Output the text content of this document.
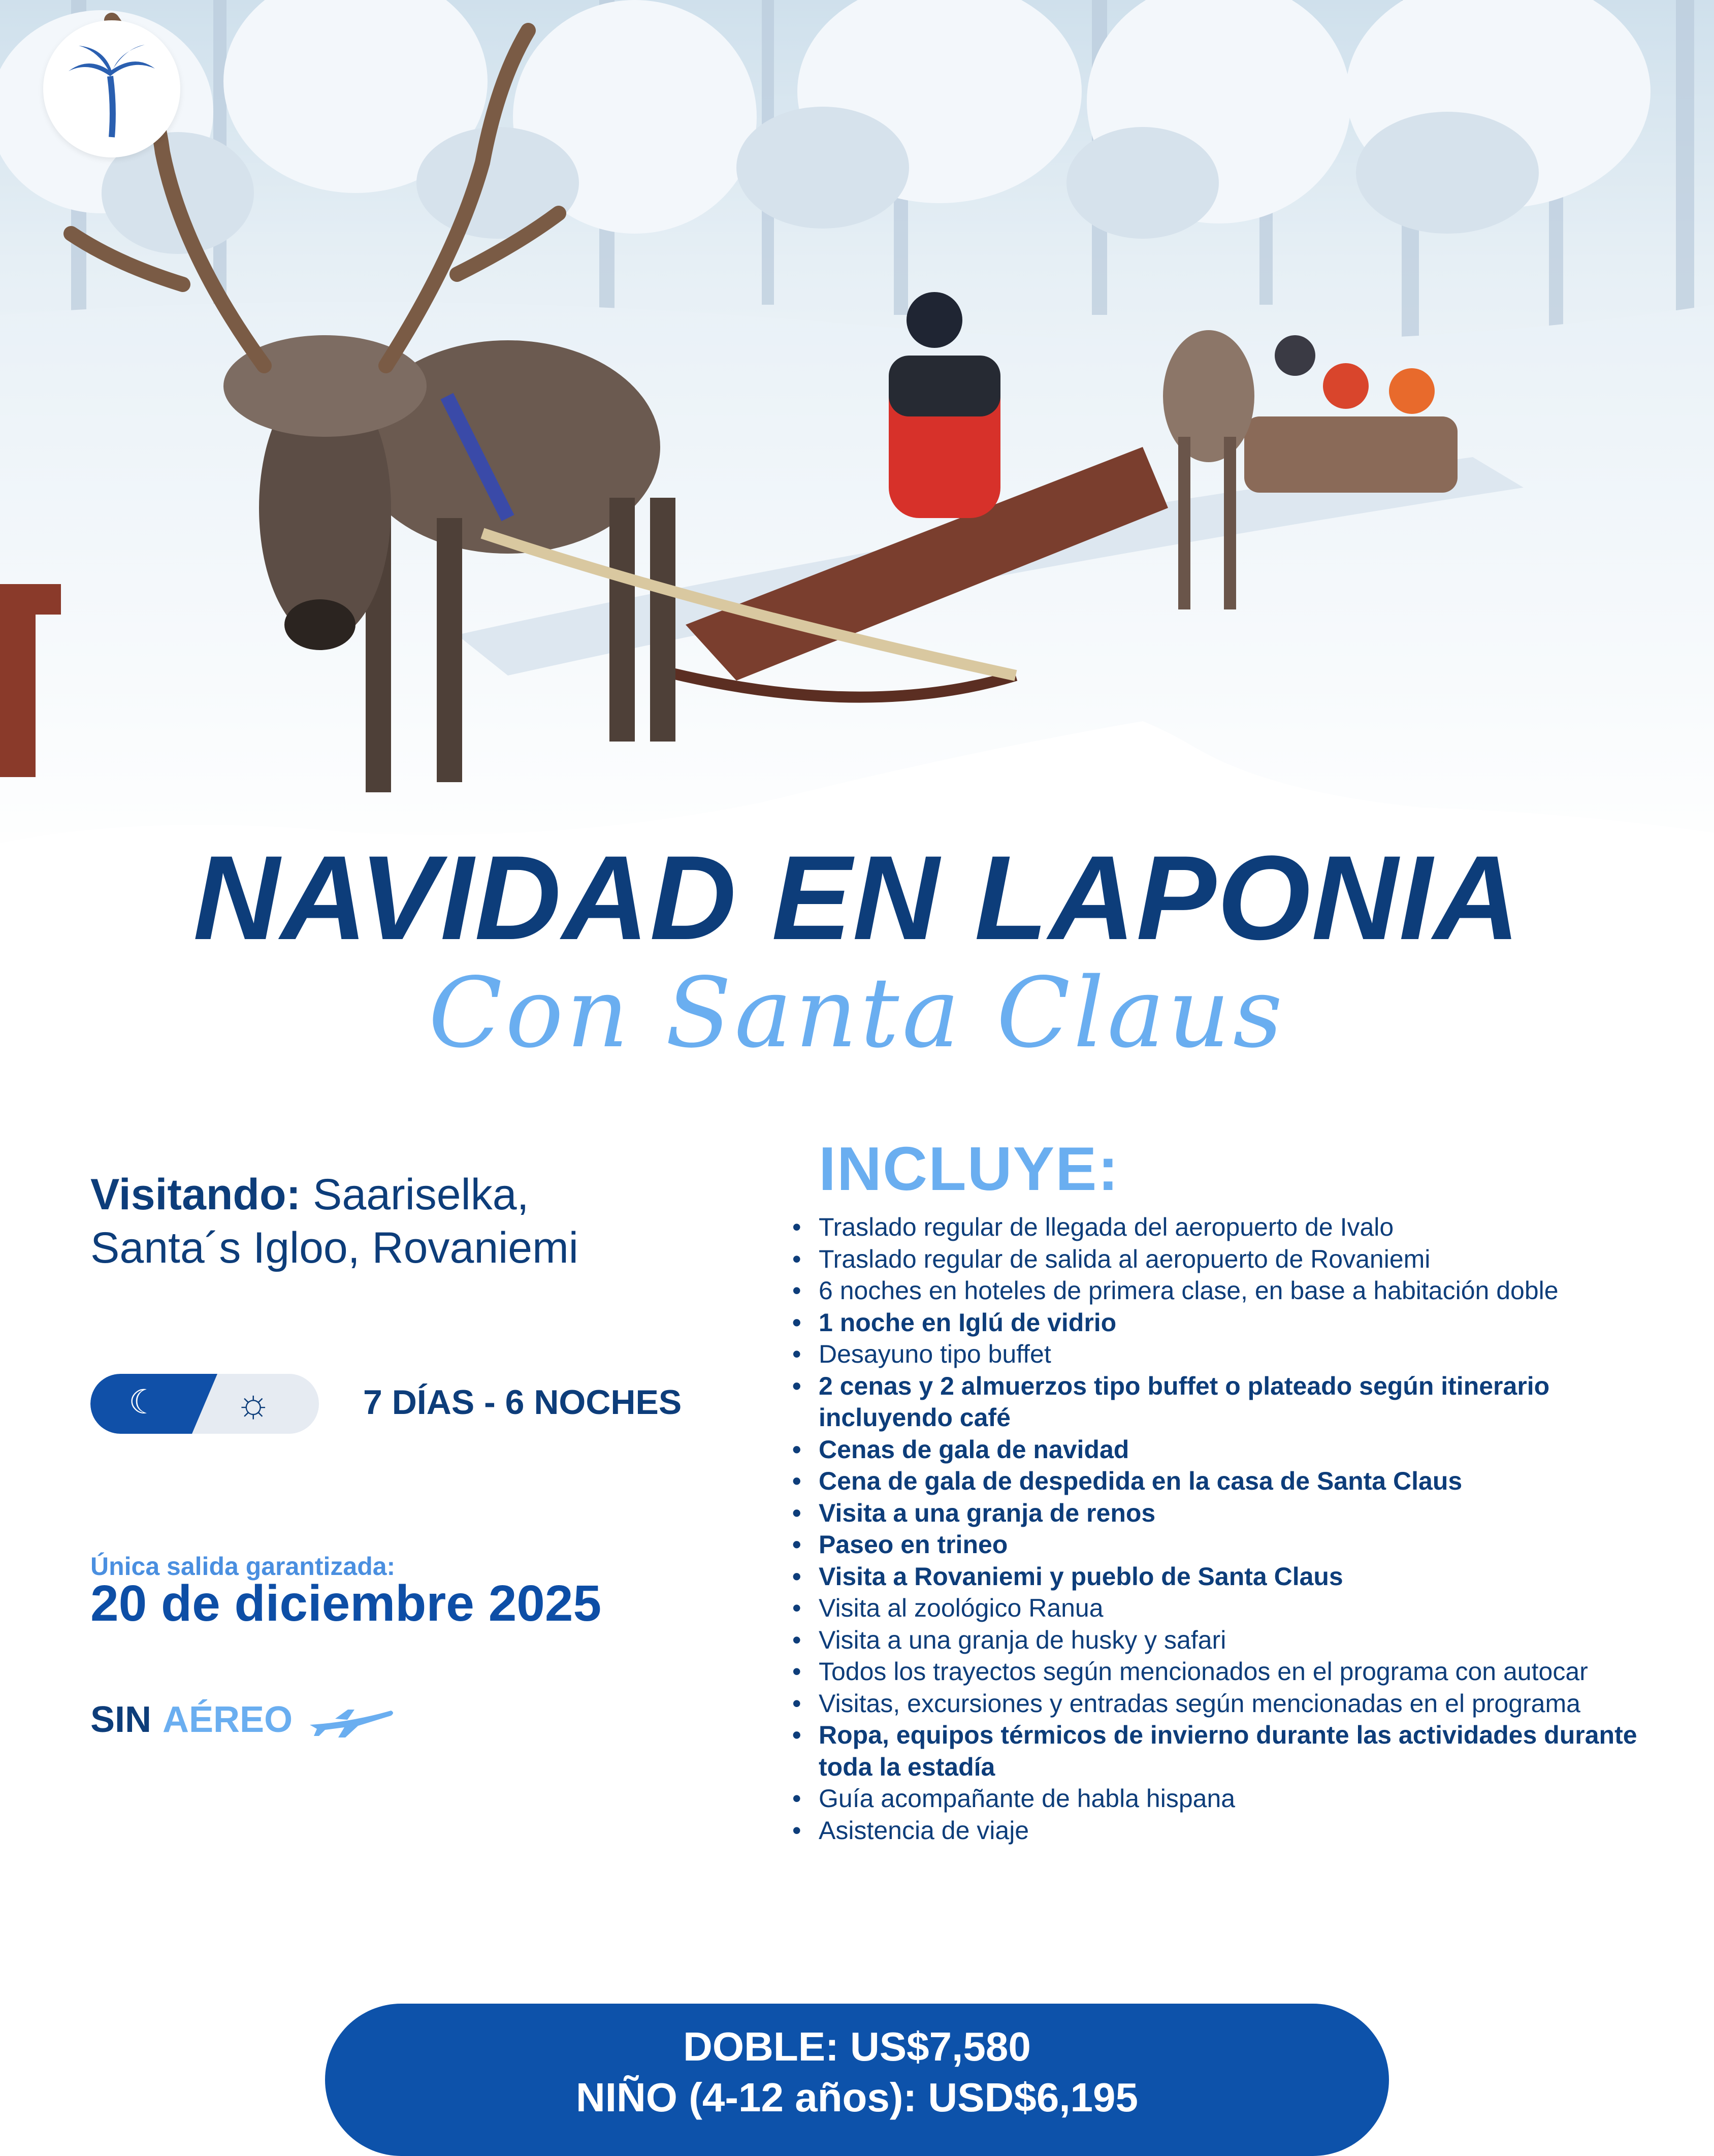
NAVIDAD EN LAPONIA
Con Santa Claus
Visitando: Saariselka,
Santa´s Igloo, Rovaniemi
☾ ☼	7 DÍAS - 6 NOCHES
Única salida garantizada:
20 de diciembre 2025
SIN AÉREO
INCLUYE:
• Traslado regular de llegada del aeropuerto de Ivalo
• Traslado regular de salida al aeropuerto de Rovaniemi
• 6 noches en hoteles de primera clase, en base a habitación doble
• 1 noche en Iglú de vidrio
• Desayuno tipo buffet
• 2 cenas y 2 almuerzos tipo buffet o plateado según itinerario incluyendo café
• Cenas de gala de navidad
• Cena de gala de despedida en la casa de Santa Claus
• Visita a una granja de renos
• Paseo en trineo
• Visita a Rovaniemi y pueblo de Santa Claus
• Visita al zoológico Ranua
• Visita a una granja de husky y safari
• Todos los trayectos según mencionados en el programa con autocar
• Visitas, excursiones y entradas según mencionadas en el programa
• Ropa, equipos térmicos de invierno durante las actividades durante toda la estadía
• Guía acompañante de habla hispana
• Asistencia de viaje
DOBLE: US$7,580
NIÑO (4-12 años): USD$6,195
